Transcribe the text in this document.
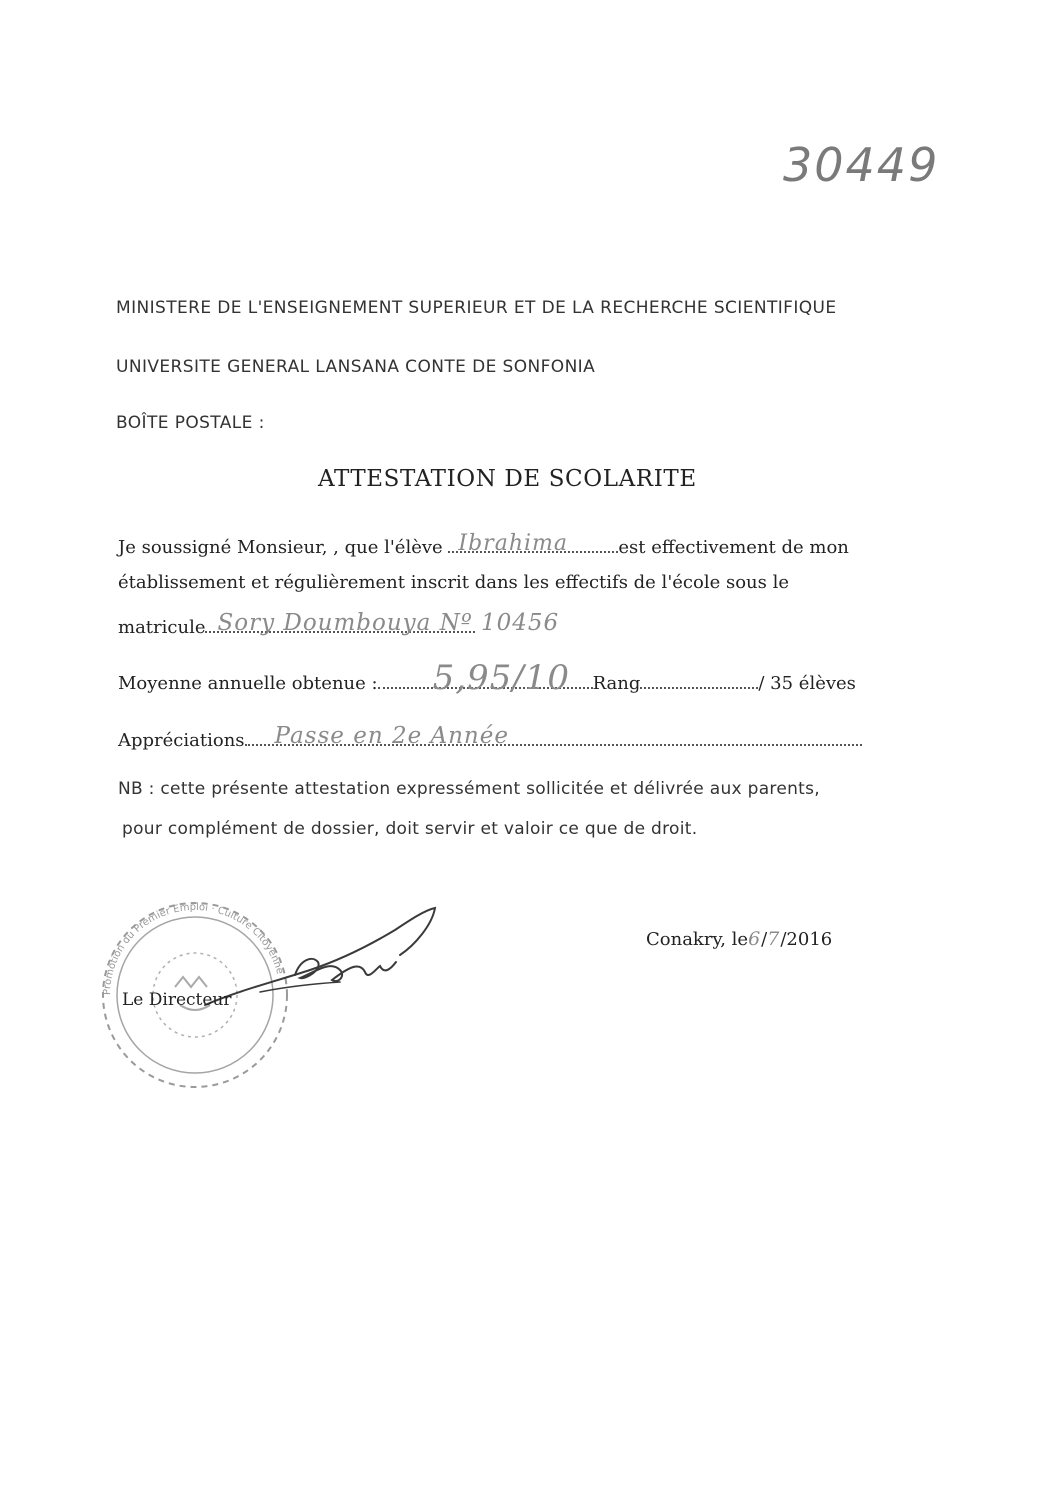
30449
MINISTERE DE L'ENSEIGNEMENT SUPERIEUR ET DE LA RECHERCHE SCIENTIFIQUE
UNIVERSITE GENERAL LANSANA CONTE DE SONFONIA
BOÎTE POSTALE :
ATTESTATION DE SCOLARITE
Je soussigné Monsieur, , que l'élève Ibrahima	est effectivement de mon
établissement et régulièrement inscrit dans les effectifs de l'école sous le
matricule Sory Doumbouya Nº 10456
Moyenne annuelle obtenue : 5,95/10 Rang	/ 35 élèves
Appréciations Passe en 2e Année
NB : cette présente attestation expressément sollicitée et délivrée aux parents,
pour complément de dossier, doit servir et valoir ce que de droit.
Conakry, le6/7/2016
Promotion du Premier Emploi · Culture Citoyenne
Le Directeur
